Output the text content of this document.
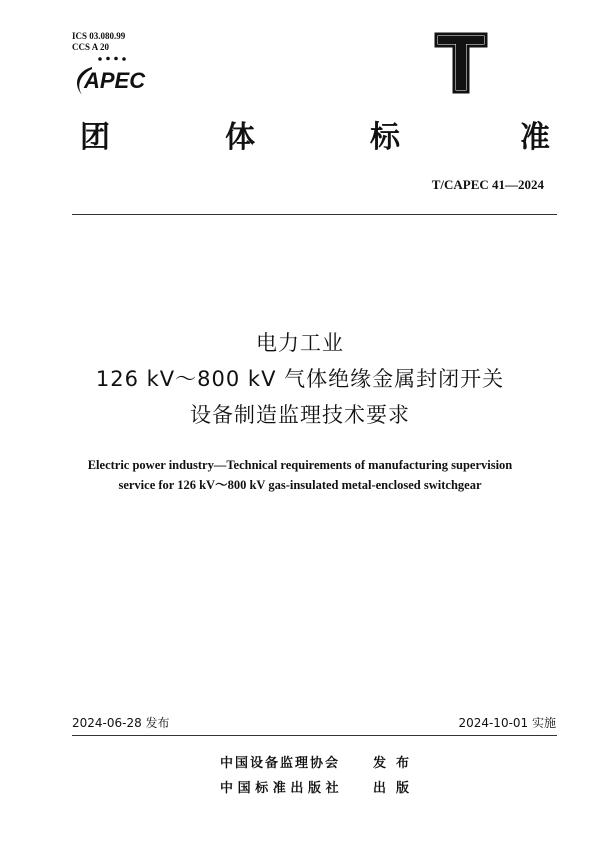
ICS 03.080.99
CCS A 20
APEC	T
团	体	标	准
T/CAPEC 41—2024
电力工业
126 kV～800 kV 气体绝缘金属封闭开关
设备制造监理技术要求
Electric power industry—Technical requirements of manufacturing supervision
service for 126 kV～800 kV gas-insulated metal-enclosed switchgear
2024-06-28 发布	2024-10-01 实施
中国设备监理协会	发布
中国标准出版社 出版
